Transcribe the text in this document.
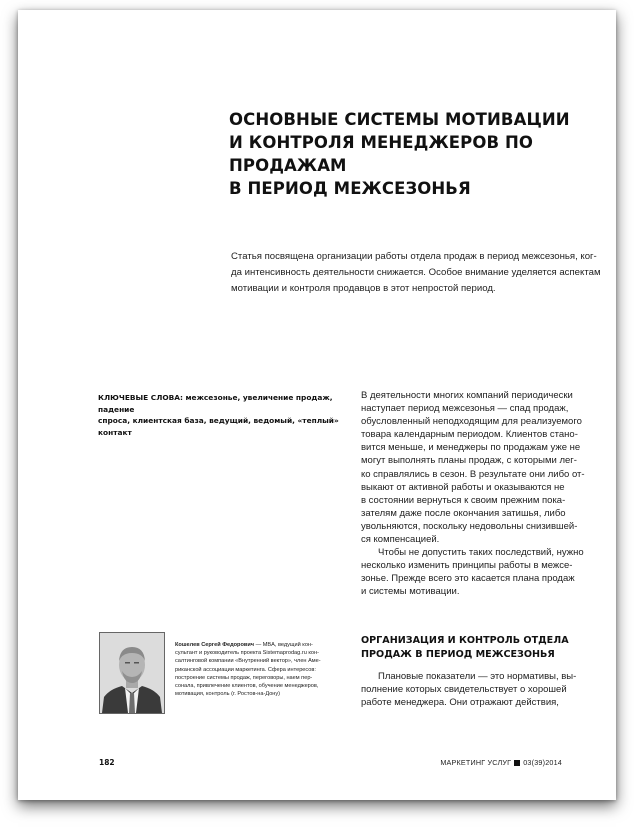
ОСНОВНЫЕ СИСТЕМЫ МОТИВАЦИИ
И КОНТРОЛЯ МЕНЕДЖЕРОВ ПО ПРОДАЖАМ
В ПЕРИОД МЕЖСЕЗОНЬЯ
Статья посвящена организации работы отдела продаж в период межсезонья, ког-
да интенсивность деятельности снижается. Особое внимание уделяется аспектам
мотивации и контроля продавцов в этот непростой период.
КЛЮЧЕВЫЕ СЛОВА: межсезонье, увеличение продаж, падение
спроса, клиентская база, ведущий, ведомый, «теплый»
контакт

В деятельности многих компаний периодически
наступает период межсезонья — спад продаж,
обусловленный неподходящим для реализуемого
товара календарным периодом. Клиентов стано-
вится меньше, и менеджеры по продажам уже не
могут выполнять планы продаж, с которыми лег-
ко справлялись в сезон. В результате они либо от-
выкают от активной работы и оказываются не
в состоянии вернуться к своим прежним пока-
зателям даже после окончания затишья, либо
увольняются, поскольку недовольны снизившей-
ся компенсацией.

Чтобы не допустить таких последствий, нужно
несколько изменить принципы работы в межсе-
зонье. Прежде всего это касается плана продаж
и системы мотивации.

ОРГАНИЗАЦИЯ И КОНТРОЛЬ ОТДЕЛА
ПРОДАЖ В ПЕРИОД МЕЖСЕЗОНЬЯ
Плановые показатели — это нормативы, вы-
полнение которых свидетельствует о хорошей
работе менеджера. Они отражают действия,
Кошелев Сергей Федорович — MBA, ведущий кон-
сультант и руководитель проекта Sistemaprodag.ru кон-
салтинговой компании «Внутренний вектор», член Аме-
риканской ассоциации маркетинга. Сфера интересов:
построение системы продаж, переговоры, наем пер-
сонала, привлечение клиентов, обучение менеджеров,
мотивация, контроль (г. Ростов-на-Дону)
182	МАРКЕТИНГ УСЛУГ 03(39)2014
